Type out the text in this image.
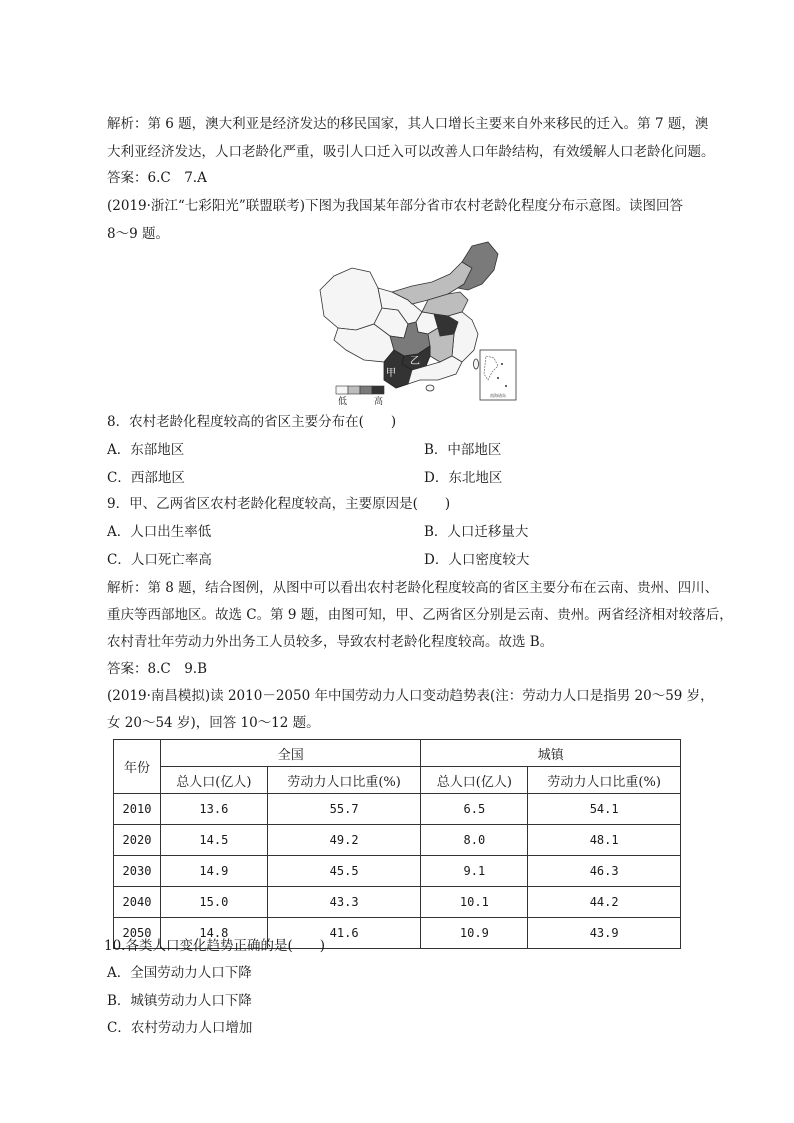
解析：第 6 题，澳大利亚是经济发达的移民国家，其人口增长主要来自外来移民的迁入。第 7 题，澳
大利亚经济发达，人口老龄化严重，吸引人口迁入可以改善人口年龄结构，有效缓解人口老龄化问题。
答案：6.C　7.A
(2019·浙江“七彩阳光”联盟联考)下图为我国某年部分省市农村老龄化程度分布示意图。读图回答
8～9 题。
乙
甲
南海诸岛
低	高
8．农村老龄化程度较高的省区主要分布在(　　)
A．东部地区	B．中部地区
C．西部地区	D．东北地区
9．甲、乙两省区农村老龄化程度较高，主要原因是(　　)
A．人口出生率低	B．人口迁移量大
C．人口死亡率高	D．人口密度较大
解析：第 8 题，结合图例，从图中可以看出农村老龄化程度较高的省区主要分布在云南、贵州、四川、
重庆等西部地区。故选 C。第 9 题，由图可知，甲、乙两省区分别是云南、贵州。两省经济相对较落后，
农村青壮年劳动力外出务工人员较多，导致农村老龄化程度较高。故选 B。
答案：8.C　9.B
(2019·南昌模拟)读 2010－2050 年中国劳动力人口变动趋势表(注：劳动力人口是指男 20～59 岁，
女 20～54 岁)，回答 10～12 题。
年份	全国		城镇	
	总人口(亿人)	劳动力人口比重(%)	总人口(亿人)	劳动力人口比重(%)
2010	13.6	55.7	6.5	54.1
2020	14.5	49.2	8.0	48.1
2030	14.9	45.5	9.1	46.3
2040	15.0	43.3	10.1	44.2
2050	14.8	41.6	10.9	43.9
10.各类人口变化趋势正确的是(　　)
A．全国劳动力人口下降
B．城镇劳动力人口下降
C．农村劳动力人口增加
